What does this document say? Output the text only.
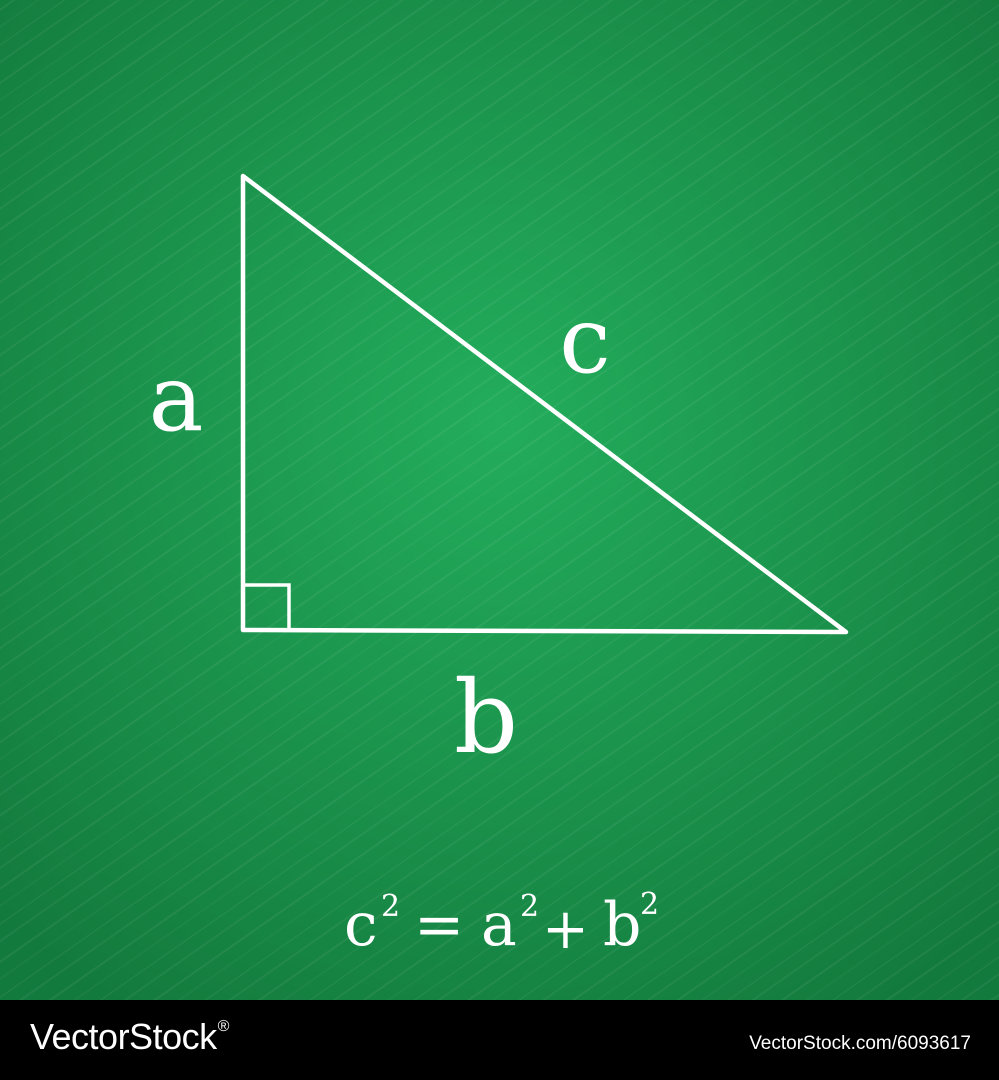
a
c
b
c 2 = a 2 + b
2
VectorStock®
VectorStock.com/6093617
